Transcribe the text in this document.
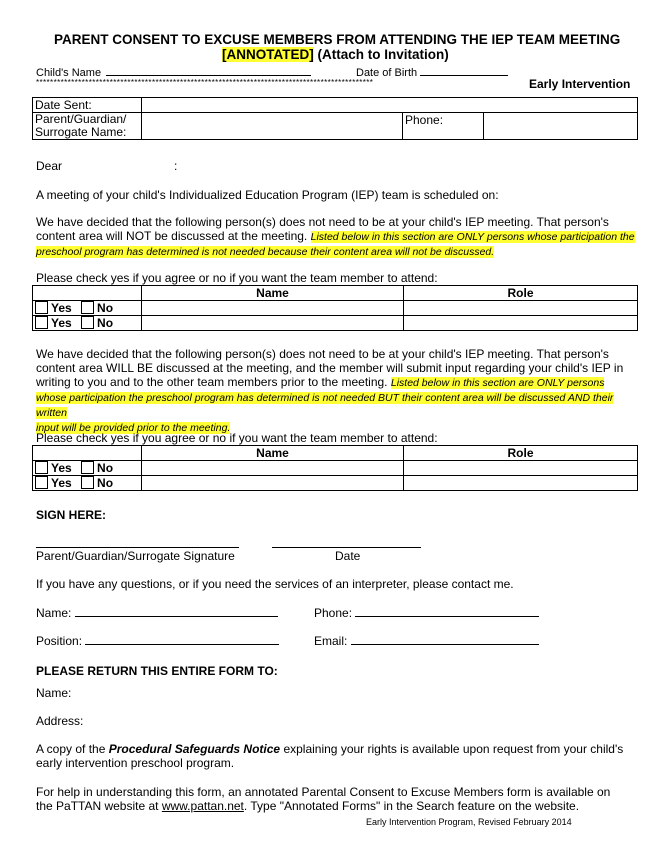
PARENT CONSENT TO EXCUSE MEMBERS FROM ATTENDING THE IEP TEAM MEETING
[ANNOTATED] (Attach to Invitation)
Child's Name	Date of Birth
************************************************************************************************	Early Intervention
Date Sent:			
Parent/Guardian/
Surrogate Name:		Phone:	
Dear	:
A meeting of your child's Individualized Education Program (IEP) team is scheduled on:
We have decided that the following person(s) does not need to be at your child's IEP meeting. That person's
content area will NOT be discussed at the meeting. Listed below in this section are ONLY persons whose participation the
preschool program has determined is not needed because their content area will not be discussed.
Please check yes if you agree or no if you want the team member to attend:
	Name	Role
Yes No		
Yes No		
We have decided that the following person(s) does not need to be at your child's IEP meeting. That person's
content area WILL BE discussed at the meeting, and the member will submit input regarding your child's IEP in
writing to you and to the other team members prior to the meeting. Listed below in this section are ONLY persons
whose participation the preschool program has determined is not needed BUT their content area will be discussed AND their written
input will be provided prior to the meeting.
Please check yes if you agree or no if you want the team member to attend:
	Name	Role
Yes No		
Yes No		
SIGN HERE:
Parent/Guardian/Surrogate Signature	Date
If you have any questions, or if you need the services of an interpreter, please contact me.
Name:	Phone:
Position:	Email:
PLEASE RETURN THIS ENTIRE FORM TO:
Name:
Address:
A copy of the Procedural Safeguards Notice explaining your rights is available upon request from your child's
early intervention preschool program.
For help in understanding this form, an annotated Parental Consent to Excuse Members form is available on
the PaTTAN website at www.pattan.net. Type "Annotated Forms" in the Search feature on the website.
Early Intervention Program, Revised February 2014
